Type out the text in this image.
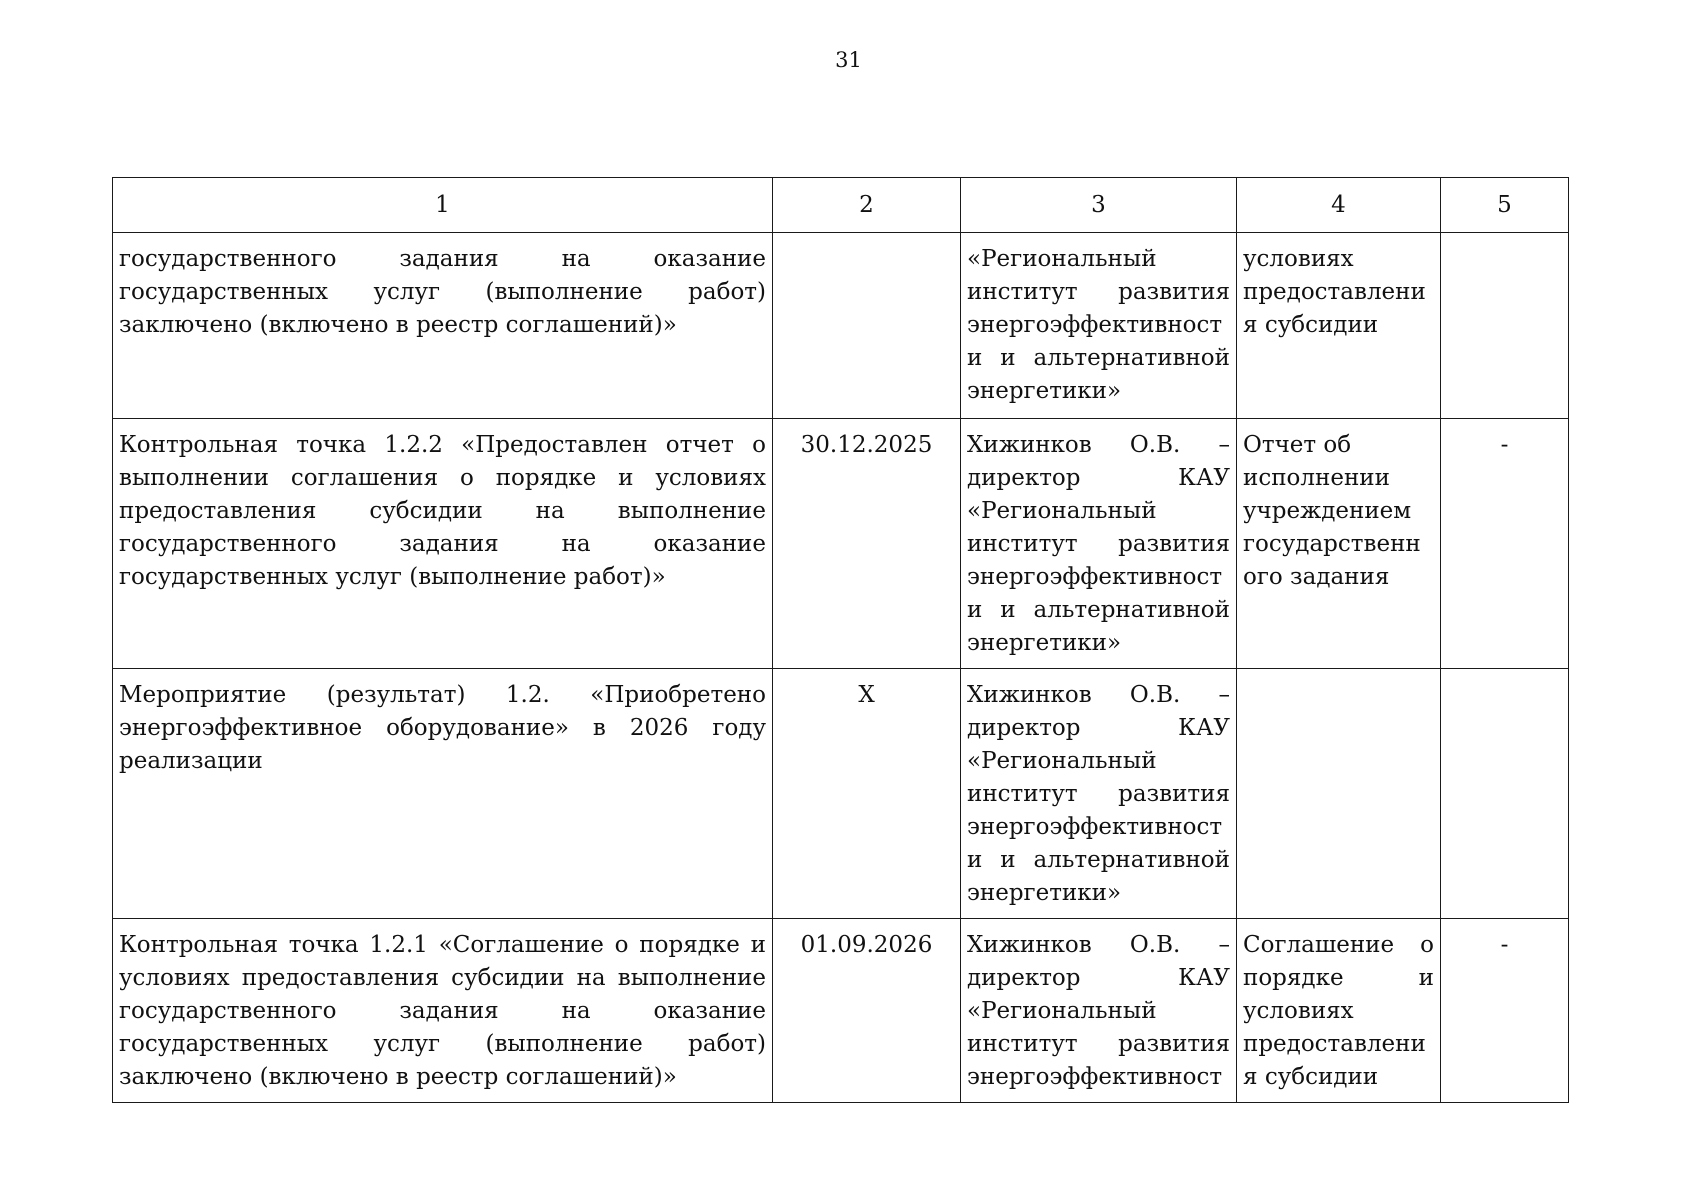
31
1	2	3	4	5
государственного задания на оказание государственных услуг (выполнение работ) заключено (включено в реестр соглашений)»		«Региональный институт развития энергоэффективност и и альтернативной энергетики»	условиях предоставлени я субсидии	
Контрольная точка 1.2.2 «Предоставлен отчет о выполнении соглашения о порядке и условиях предоставления субсидии на выполнение государственного задания на оказание государственных услуг (выполнение работ)»	30.12.2025	Хижинков О.В. – директор КАУ «Региональный институт развития энергоэффективност и и альтернативной энергетики»	Отчет об исполнении учреждением государственн ого задания	-
Мероприятие (результат) 1.2. «Приобретено энергоэффективное оборудование» в 2026 году реализации	Х	Хижинков О.В. – директор КАУ «Региональный институт развития энергоэффективност и и альтернативной энергетики»		
Контрольная точка 1.2.1 «Соглашение о порядке и условиях предоставления субсидии на выполнение государственного задания на оказание государственных услуг (выполнение работ) заключено (включено в реестр соглашений)»	01.09.2026	Хижинков О.В. – директор КАУ «Региональный институт развития энергоэффективност	Соглашение о порядке и условиях предоставлени я субсидии	-
